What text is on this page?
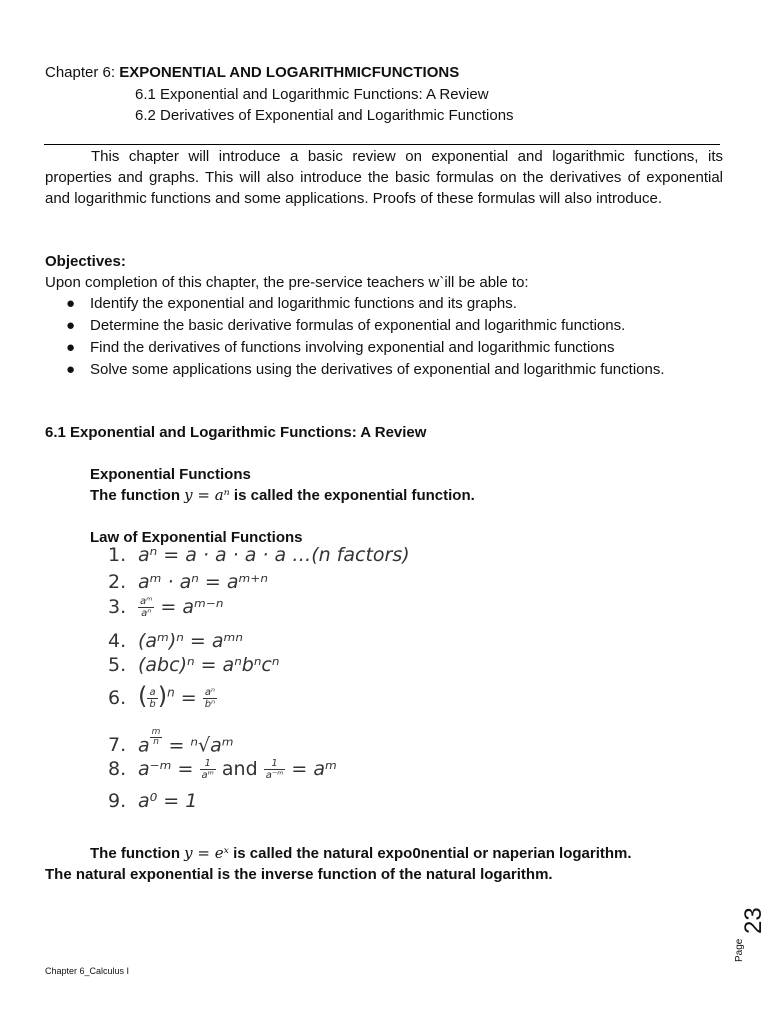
Chapter 6: EXPONENTIAL AND LOGARITHMICFUNCTIONS
6.1 Exponential and Logarithmic Functions: A Review
6.2 Derivatives of Exponential and Logarithmic Functions
This chapter will introduce a basic review on exponential and logarithmic functions, its properties and graphs. This will also introduce the basic formulas on the derivatives of exponential and logarithmic functions and some applications. Proofs of these formulas will also introduce.
Objectives:
Upon completion of this chapter, the pre-service teachers w`ill be able to:
● Identify the exponential and logarithmic functions and its graphs.
● Determine the basic derivative formulas of exponential and logarithmic functions.
● Find the derivatives of functions involving exponential and logarithmic functions
● Solve some applications using the derivatives of exponential and logarithmic functions.
6.1 Exponential and Logarithmic Functions: A Review
Exponential Functions
The function y = aⁿ is called the exponential function.
Law of Exponential Functions
1. aⁿ = a · a · a · a …(n factors)
2. aᵐ · aⁿ = aᵐ⁺ⁿ
3. $\frac{\text{aᵐ}}{\text{aⁿ}}$ = aᵐ⁻ⁿ
4. (aᵐ)ⁿ = aᵐⁿ
5. (abc)ⁿ = aⁿbⁿcⁿ
6. ( $\frac{a}{b} )^n = \frac{\text{aⁿ}}{\text{bⁿ}}$
7. a $\frac{m}{n}$ = ⁿ√aᵐ
8. a⁻ᵐ = $\frac{1}{\text{aᵐ}}$ and $\frac{1}{\text{a⁻ᵐ}}$ = aᵐ
9. a⁰ = 1
The function y = eˣ is called the natural expo0nential or naperian logarithm.
The natural exponential is the inverse function of the natural logarithm.
Chapter 6_Calculus I
Page
23
